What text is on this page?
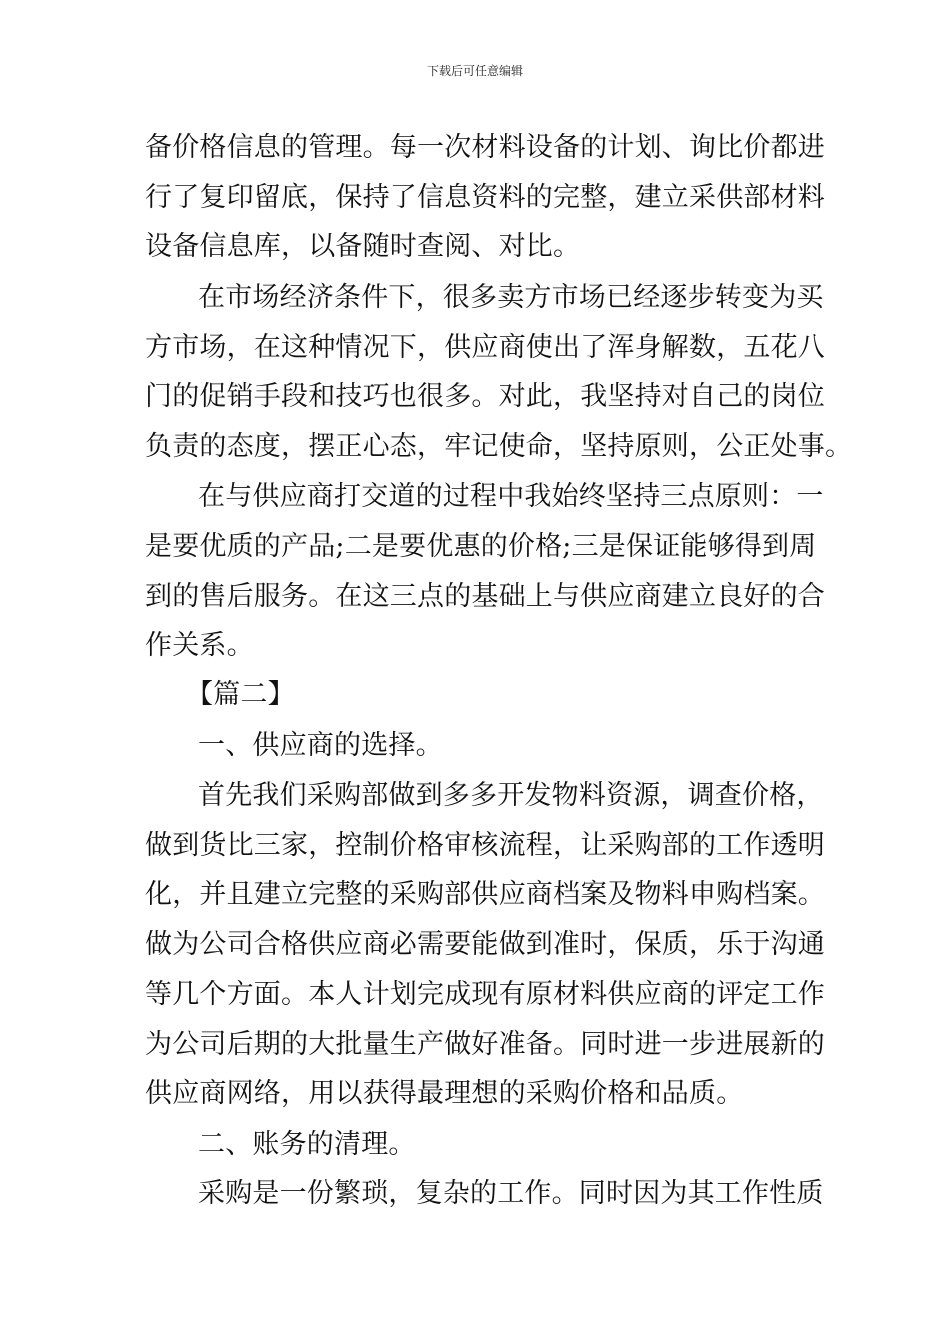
下载后可任意编辑
备价格信息的管理。每一次材料设备的计划、询比价都进
行了复印留底，保持了信息资料的完整，建立采供部材料
设备信息库，以备随时查阅、对比。
在市场经济条件下，很多卖方市场已经逐步转变为买
方市场，在这种情况下，供应商使出了浑身解数，五花八
门的促销手段和技巧也很多。对此，我坚持对自己的岗位
负责的态度，摆正心态，牢记使命，坚持原则，公正处事。
在与供应商打交道的过程中我始终坚持三点原则：一
是要优质的产品;二是要优惠的价格;三是保证能够得到周
到的售后服务。在这三点的基础上与供应商建立良好的合
作关系。
【篇二】
一、供应商的选择。
首先我们采购部做到多多开发物料资源，调查价格，
做到货比三家，控制价格审核流程，让采购部的工作透明
化，并且建立完整的采购部供应商档案及物料申购档案。
做为公司合格供应商必需要能做到准时，保质，乐于沟通
等几个方面。本人计划完成现有原材料供应商的评定工作
为公司后期的大批量生产做好准备。同时进一步进展新的
供应商网络，用以获得最理想的采购价格和品质。
二、账务的清理。
采购是一份繁琐，复杂的工作。同时因为其工作性质
